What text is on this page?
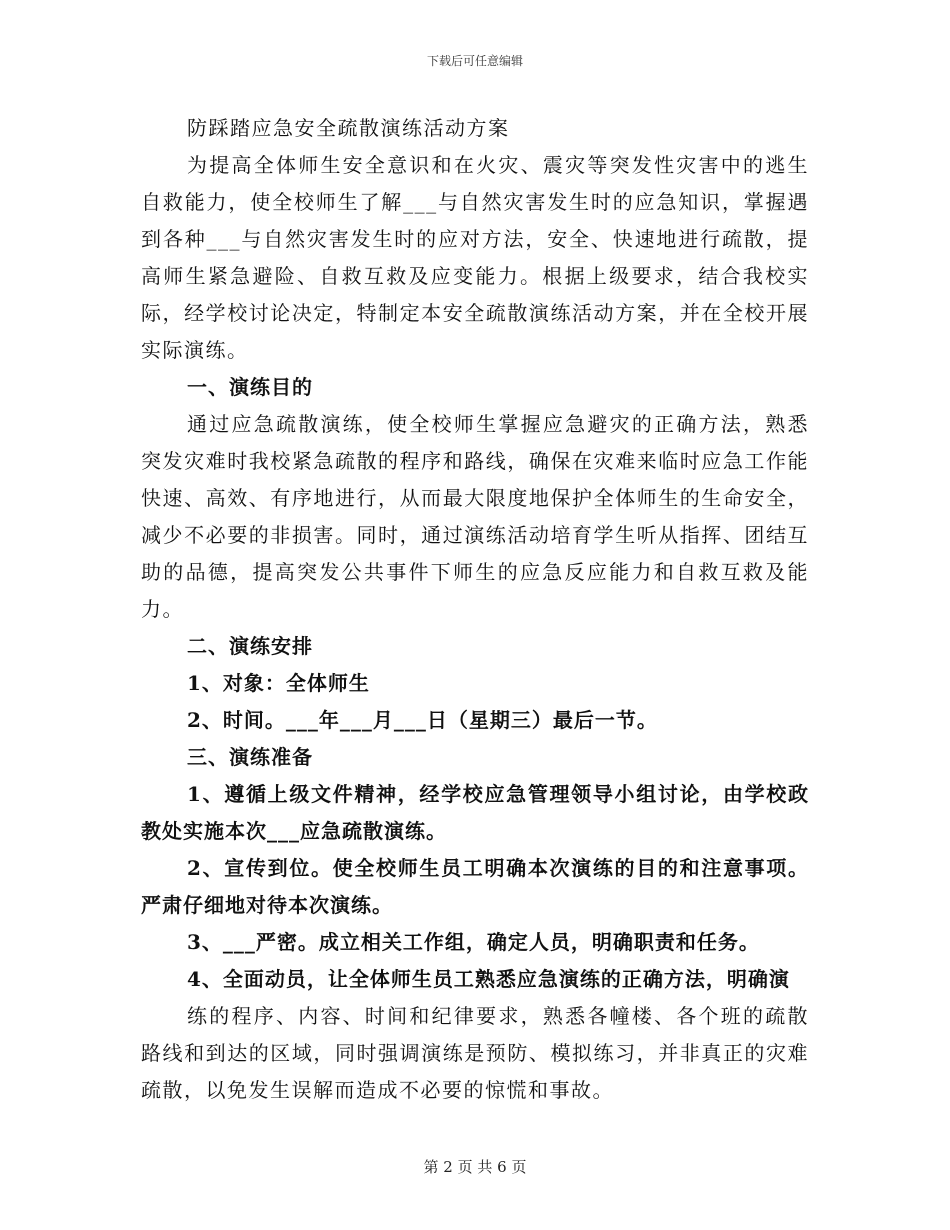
下载后可任意编辑

防踩踏应急安全疏散演练活动方案

为提高全体师生安全意识和在火灾、震灾等突发性灾害中的逃生自救能力，使全校师生了解___与自然灾害发生时的应急知识，掌握遇到各种___与自然灾害发生时的应对方法，安全、快速地进行疏散，提高师生紧急避险、自救互救及应变能力。根据上级要求，结合我校实际，经学校讨论决定，特制定本安全疏散演练活动方案，并在全校开展实际演练。

一、演练目的

通过应急疏散演练，使全校师生掌握应急避灾的正确方法，熟悉突发灾难时我校紧急疏散的程序和路线，确保在灾难来临时应急工作能快速、高效、有序地进行，从而最大限度地保护全体师生的生命安全，减少不必要的非损害。同时，通过演练活动培育学生听从指挥、团结互助的品德，提高突发公共事件下师生的应急反应能力和自救互救及能力。

二、演练安排

1、对象：全体师生

2、时间。___年___月___日（星期三）最后一节。

三、演练准备

1、遵循上级文件精神，经学校应急管理领导小组讨论，由学校政教处实施本次___应急疏散演练。

2、宣传到位。使全校师生员工明确本次演练的目的和注意事项。严肃仔细地对待本次演练。

3、___严密。成立相关工作组，确定人员，明确职责和任务。

4、全面动员，让全体师生员工熟悉应急演练的正确方法，明确演

练的程序、内容、时间和纪律要求，熟悉各幢楼、各个班的疏散路线和到达的区域，同时强调演练是预防、模拟练习，并非真正的灾难疏散，以免发生误解而造成不必要的惊慌和事故。

第 2 页 共 6 页
